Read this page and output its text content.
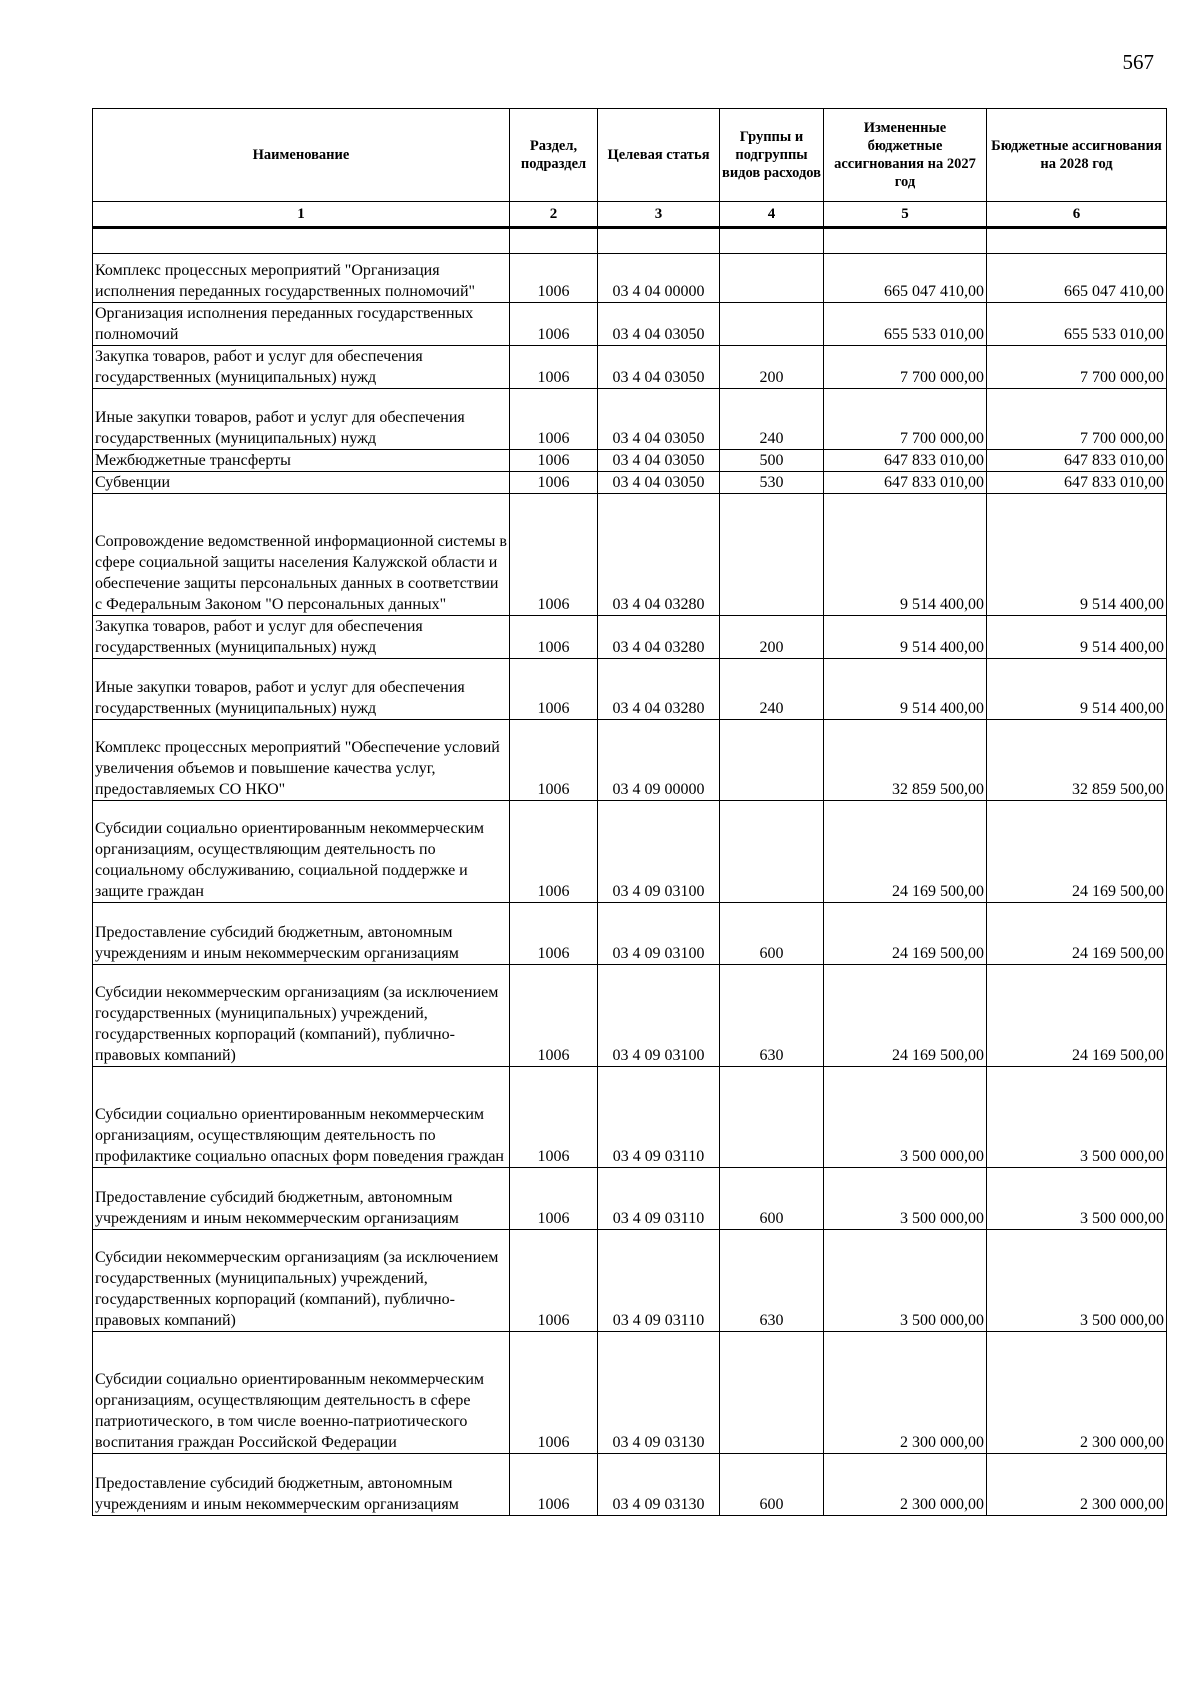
567
Наименование	Раздел, подраздел	Целевая статья	Группы и подгруппы видов расходов	Измененные бюджетные ассигнования на 2027 год	Бюджетные ассигнования на 2028 год
1	2	3	4	5	6

Комплекс процессных мероприятий "Организация исполнения переданных государственных полномочий"	1006	03 4 04 00000		665 047 410,00	665 047 410,00
Организация исполнения переданных государственных полномочий	1006	03 4 04 03050		655 533 010,00	655 533 010,00
Закупка товаров, работ и услуг для обеспечения государственных (муниципальных) нужд	1006	03 4 04 03050	200	7 700 000,00	7 700 000,00
Иные закупки товаров, работ и услуг для обеспечения государственных (муниципальных) нужд	1006	03 4 04 03050	240	7 700 000,00	7 700 000,00
Межбюджетные трансферты	1006	03 4 04 03050	500	647 833 010,00	647 833 010,00
Субвенции	1006	03 4 04 03050	530	647 833 010,00	647 833 010,00
Сопровождение ведомственной информационной системы в сфере социальной защиты населения Калужской области и обеспечение защиты персональных данных в соответствии с Федеральным Законом "О персональных данных"	1006	03 4 04 03280		9 514 400,00	9 514 400,00
Закупка товаров, работ и услуг для обеспечения государственных (муниципальных) нужд	1006	03 4 04 03280	200	9 514 400,00	9 514 400,00
Иные закупки товаров, работ и услуг для обеспечения государственных (муниципальных) нужд	1006	03 4 04 03280	240	9 514 400,00	9 514 400,00
Комплекс процессных мероприятий "Обеспечение условий увеличения объемов и повышение качества услуг, предоставляемых СО НКО"	1006	03 4 09 00000		32 859 500,00	32 859 500,00
Субсидии социально ориентированным некоммерческим организациям, осуществляющим деятельность по социальному обслуживанию, социальной поддержке и защите граждан	1006	03 4 09 03100		24 169 500,00	24 169 500,00
Предоставление субсидий бюджетным, автономным учреждениям и иным некоммерческим организациям	1006	03 4 09 03100	600	24 169 500,00	24 169 500,00
Субсидии некоммерческим организациям (за исключением государственных (муниципальных) учреждений, государственных корпораций (компаний), публично-правовых компаний)	1006	03 4 09 03100	630	24 169 500,00	24 169 500,00
Субсидии социально ориентированным некоммерческим организациям, осуществляющим деятельность по профилактике социально опасных форм поведения граждан	1006	03 4 09 03110		3 500 000,00	3 500 000,00
Предоставление субсидий бюджетным, автономным учреждениям и иным некоммерческим организациям	1006	03 4 09 03110	600	3 500 000,00	3 500 000,00
Субсидии некоммерческим организациям (за исключением государственных (муниципальных) учреждений, государственных корпораций (компаний), публично-правовых компаний)	1006	03 4 09 03110	630	3 500 000,00	3 500 000,00
Субсидии социально ориентированным некоммерческим организациям, осуществляющим деятельность в сфере патриотического, в том числе военно-патриотического воспитания граждан Российской Федерации	1006	03 4 09 03130		2 300 000,00	2 300 000,00
Предоставление субсидий бюджетным, автономным учреждениям и иным некоммерческим организациям	1006	03 4 09 03130	600	2 300 000,00	2 300 000,00
